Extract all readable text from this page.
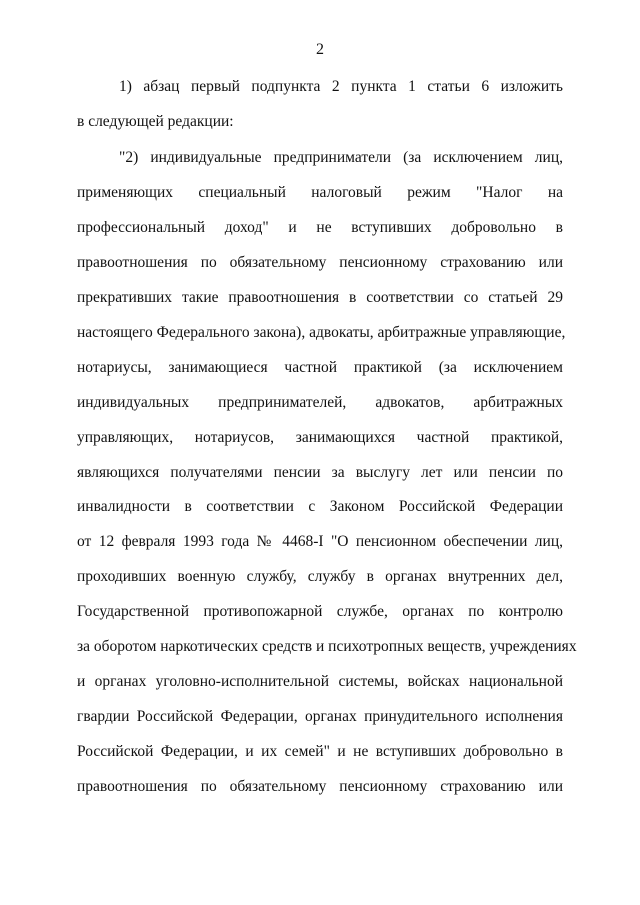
2
1) абзац первый подпункта 2 пункта 1 статьи 6 изложить
в следующей редакции:
"2) индивидуальные предприниматели (за исключением лиц,
применяющих специальный налоговый режим "Налог на
профессиональный доход" и не вступивших добровольно в
правоотношения по обязательному пенсионному страхованию или
прекративших такие правоотношения в соответствии со статьей 29
настоящего Федерального закона), адвокаты, арбитражные управляющие,
нотариусы, занимающиеся частной практикой (за исключением
индивидуальных предпринимателей, адвокатов, арбитражных
управляющих, нотариусов, занимающихся частной практикой,
являющихся получателями пенсии за выслугу лет или пенсии по
инвалидности в соответствии с Законом Российской Федерации
от 12 февраля 1993 года № 4468-I "О пенсионном обеспечении лиц,
проходивших военную службу, службу в органах внутренних дел,
Государственной противопожарной службе, органах по контролю
за оборотом наркотических средств и психотропных веществ, учреждениях
и органах уголовно-исполнительной системы, войсках национальной
гвардии Российской Федерации, органах принудительного исполнения
Российской Федерации, и их семей" и не вступивших добровольно в
правоотношения по обязательному пенсионному страхованию или
